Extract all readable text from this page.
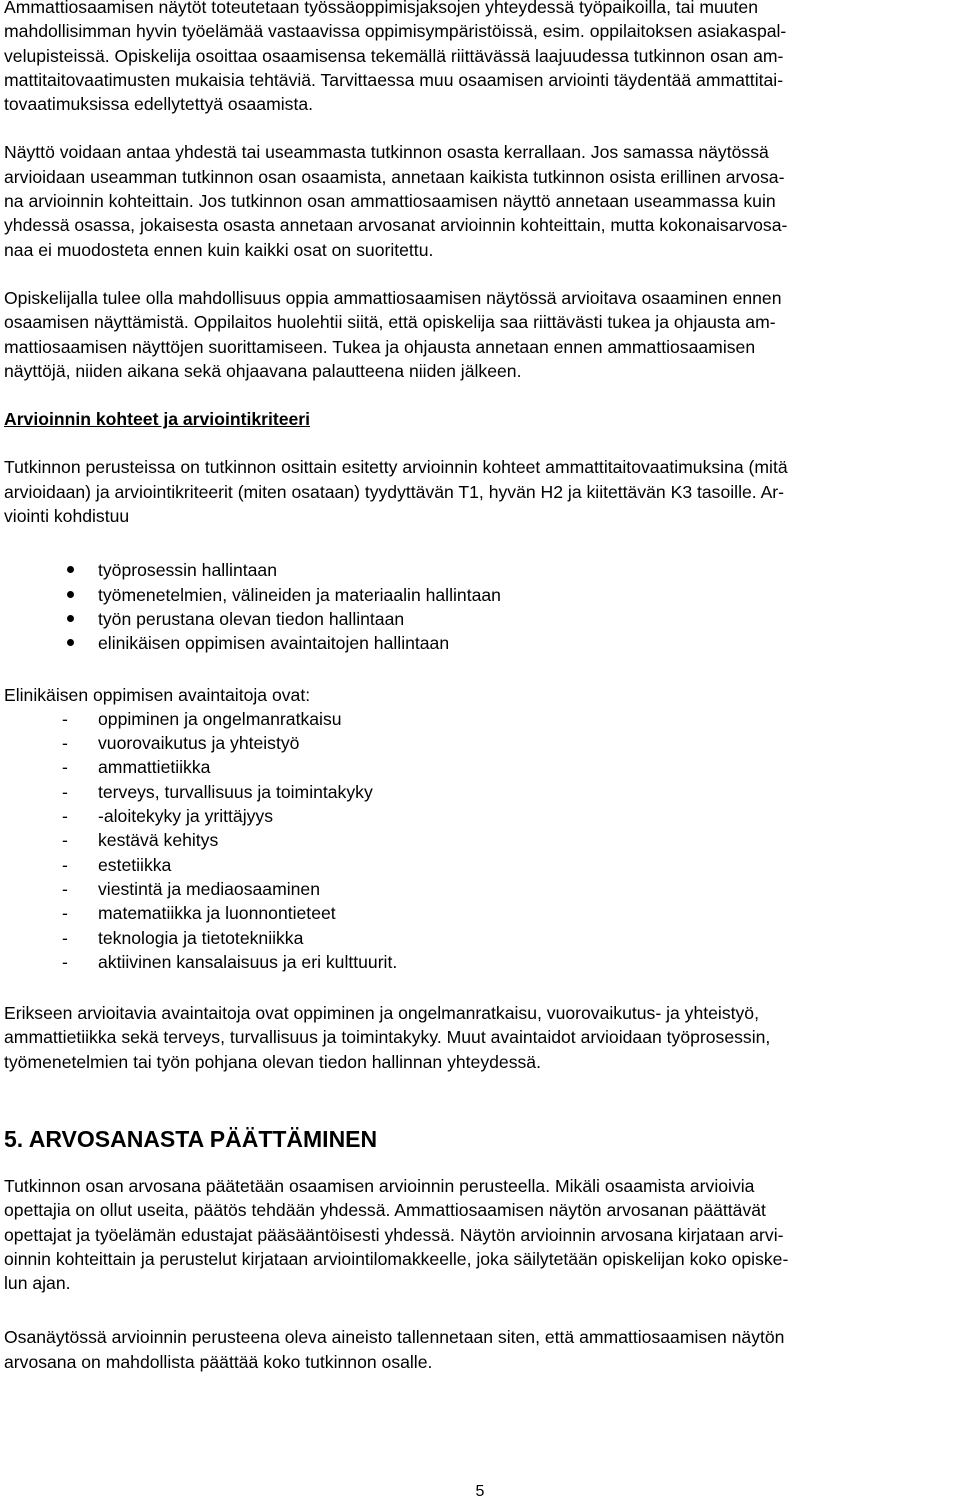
Ammattiosaamisen näytöt toteutetaan työssäoppimisjaksojen yhteydessä työpaikoilla, tai muuten
mahdollisimman hyvin työelämää vastaavissa oppimisympäristöissä, esim. oppilaitoksen asiakaspal-
velupisteissä. Opiskelija osoittaa osaamisensa tekemällä riittävässä laajuudessa tutkinnon osan am-
mattitaitovaatimusten mukaisia tehtäviä. Tarvittaessa muu osaamisen arviointi täydentää ammattitai-
tovaatimuksissa edellytettyä osaamista.

Näyttö voidaan antaa yhdestä tai useammasta tutkinnon osasta kerrallaan. Jos samassa näytössä
arvioidaan useamman tutkinnon osan osaamista, annetaan kaikista tutkinnon osista erillinen arvosa-
na arvioinnin kohteittain. Jos tutkinnon osan ammattiosaamisen näyttö annetaan useammassa kuin
yhdessä osassa, jokaisesta osasta annetaan arvosanat arvioinnin kohteittain, mutta kokonaisarvosa-
naa ei muodosteta ennen kuin kaikki osat on suoritettu.

Opiskelijalla tulee olla mahdollisuus oppia ammattiosaamisen näytössä arvioitava osaaminen ennen
osaamisen näyttämistä. Oppilaitos huolehtii siitä, että opiskelija saa riittävästi tukea ja ohjausta am-
mattiosaamisen näyttöjen suorittamiseen. Tukea ja ohjausta annetaan ennen ammattiosaamisen
näyttöjä, niiden aikana sekä ohjaavana palautteena niiden jälkeen.

Arvioinnin kohteet ja arviointikriteeri

Tutkinnon perusteissa on tutkinnon osittain esitetty arvioinnin kohteet ammattitaitovaatimuksina (mitä
arvioidaan) ja arviointikriteerit (miten osataan) tyydyttävän T1, hyvän H2 ja kiitettävän K3 tasoille. Ar-
viointi kohdistuu

työprosessin hallintaan
työmenetelmien, välineiden ja materiaalin hallintaan
työn perustana olevan tiedon hallintaan
elinikäisen oppimisen avaintaitojen hallintaan

Elinikäisen oppimisen avaintaitoja ovat:

- oppiminen ja ongelmanratkaisu
- vuorovaikutus ja yhteistyö
- ammattietiikka
- terveys, turvallisuus ja toimintakyky
- -aloitekyky ja yrittäjyys
- kestävä kehitys
- estetiikka
- viestintä ja mediaosaaminen
- matematiikka ja luonnontieteet
- teknologia ja tietotekniikka
- aktiivinen kansalaisuus ja eri kulttuurit.

Erikseen arvioitavia avaintaitoja ovat oppiminen ja ongelmanratkaisu, vuorovaikutus- ja yhteistyö,
ammattietiikka sekä terveys, turvallisuus ja toimintakyky. Muut avaintaidot arvioidaan työprosessin,
työmenetelmien tai työn pohjana olevan tiedon hallinnan yhteydessä.

5. ARVOSANASTA PÄÄTTÄMINEN

Tutkinnon osan arvosana päätetään osaamisen arvioinnin perusteella. Mikäli osaamista arvioivia
opettajia on ollut useita, päätös tehdään yhdessä. Ammattiosaamisen näytön arvosanan päättävät
opettajat ja työelämän edustajat pääsääntöisesti yhdessä. Näytön arvioinnin arvosana kirjataan arvi-
oinnin kohteittain ja perustelut kirjataan arviointilomakkeelle, joka säilytetään opiskelijan koko opiske-
lun ajan.

Osanäytössä arvioinnin perusteena oleva aineisto tallennetaan siten, että ammattiosaamisen näytön
arvosana on mahdollista päättää koko tutkinnon osalle.

5
